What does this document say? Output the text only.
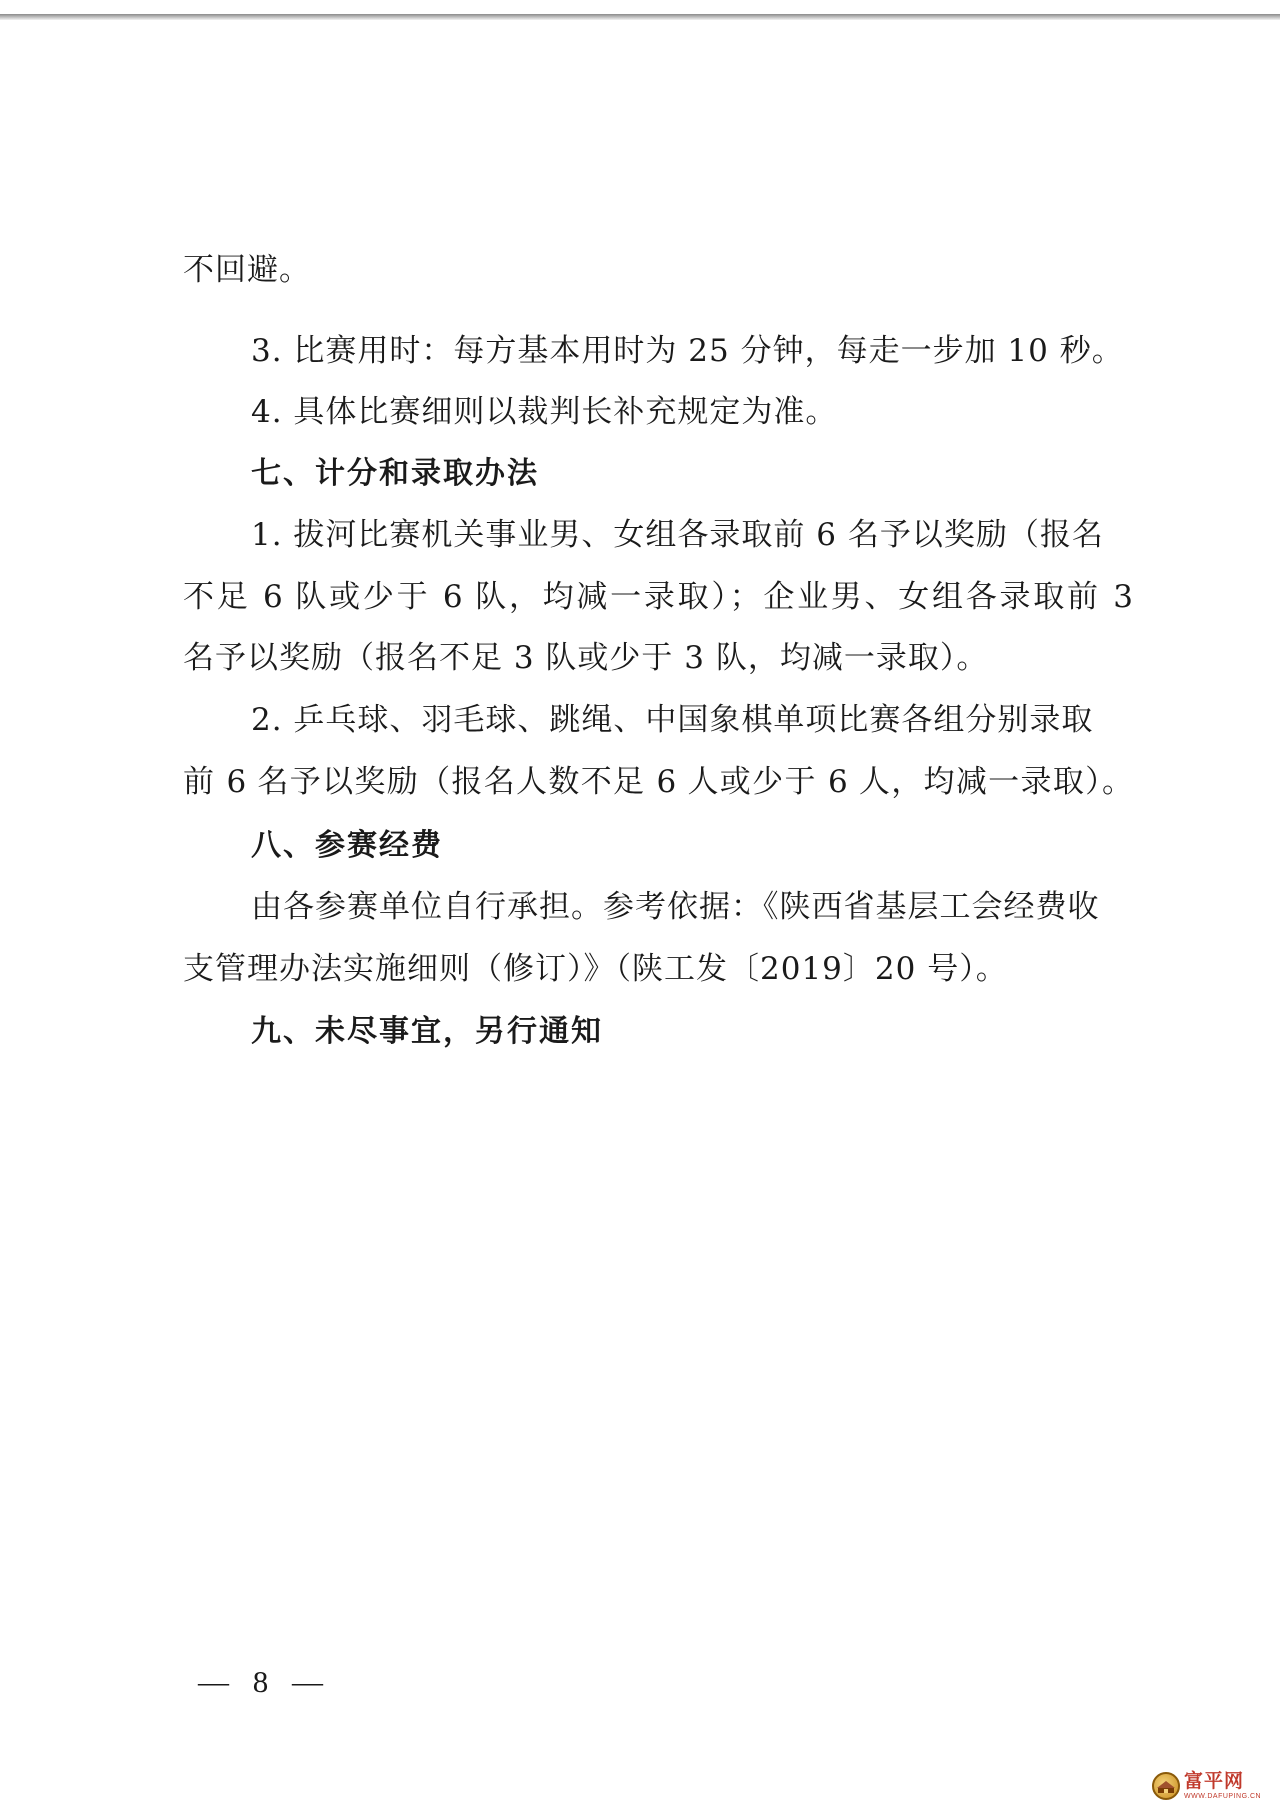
不回避。
3. 比赛用时：每方基本用时为 25 分钟，每走一步加 10 秒。
4. 具体比赛细则以裁判长补充规定为准。
七、计分和录取办法
1. 拔河比赛机关事业男、女组各录取前 6 名予以奖励（报名
不足 6 队或少于 6 队，均减一录取）；企业男、女组各录取前 3
名予以奖励（报名不足 3 队或少于 3 队，均减一录取）。
2. 乒乓球、羽毛球、跳绳、中国象棋单项比赛各组分别录取
前 6 名予以奖励（报名人数不足 6 人或少于 6 人，均减一录取）。
八、参赛经费
由各参赛单位自行承担。参考依据：《陕西省基层工会经费收
支管理办法实施细则（修订）》（陕工发〔2019〕20 号）。
九、未尽事宜，另行通知
— 8 —
富平网
WWW.DAFUPING.CN
